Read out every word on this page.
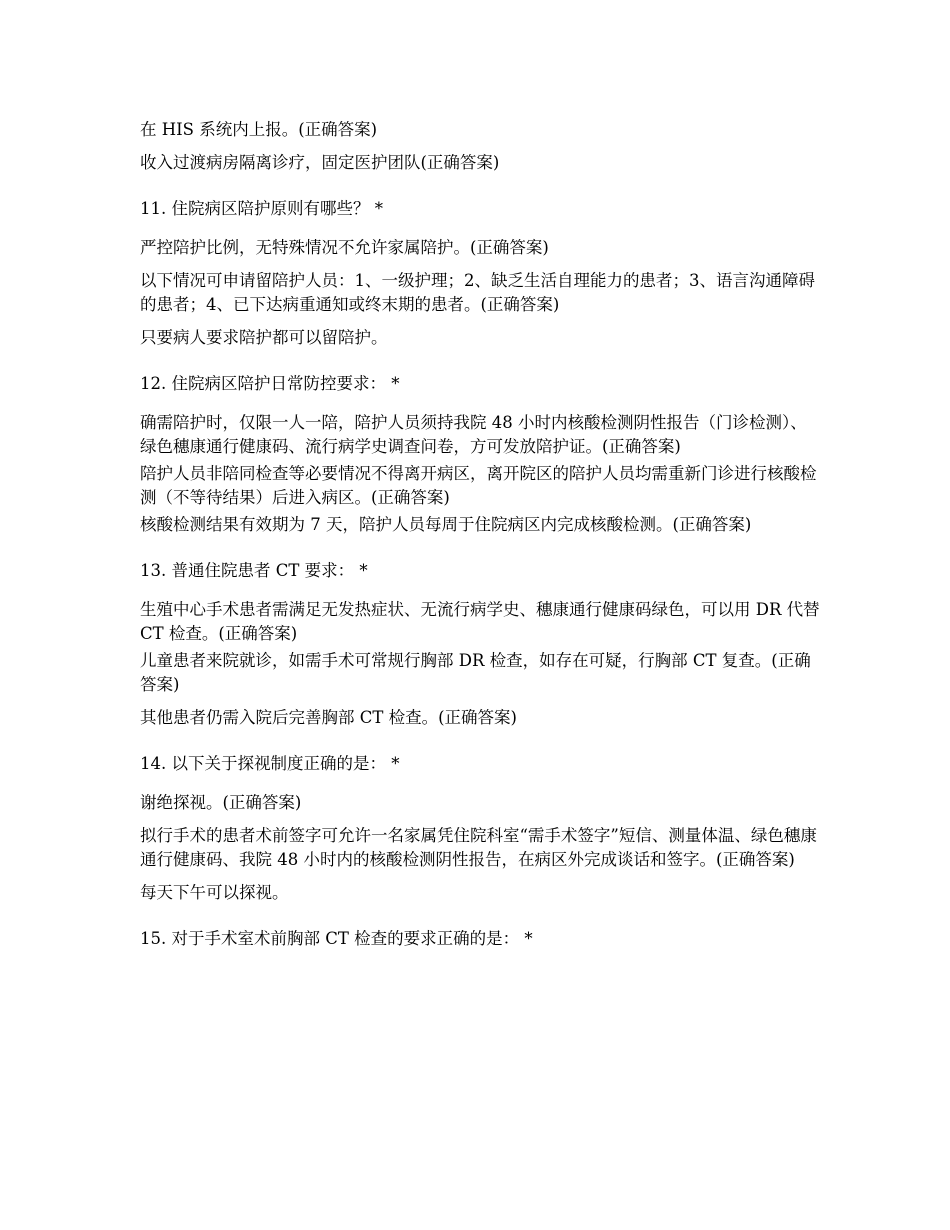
在 HIS 系统内上报。(正确答案)

收入过渡病房隔离诊疗，固定医护团队(正确答案)

11. 住院病区陪护原则有哪些？ *

严控陪护比例，无特殊情况不允许家属陪护。(正确答案)

以下情况可申请留陪护人员：1、一级护理；2、缺乏生活自理能力的患者；3、语言沟通障碍的患者；4、已下达病重通知或终末期的患者。(正确答案)

只要病人要求陪护都可以留陪护。

12. 住院病区陪护日常防控要求： *

确需陪护时，仅限一人一陪，陪护人员须持我院 48 小时内核酸检测阴性报告（门诊检测）、绿色穗康通行健康码、流行病学史调查问卷，方可发放陪护证。(正确答案)

陪护人员非陪同检查等必要情况不得离开病区，离开院区的陪护人员均需重新门诊进行核酸检测（不等待结果）后进入病区。(正确答案)

核酸检测结果有效期为 7 天，陪护人员每周于住院病区内完成核酸检测。(正确答案)

13. 普通住院患者 CT 要求： *

生殖中心手术患者需满足无发热症状、无流行病学史、穗康通行健康码绿色，可以用 DR 代替 CT 检查。(正确答案)

儿童患者来院就诊，如需手术可常规行胸部 DR 检查，如存在可疑，行胸部 CT 复查。(正确答案)

其他患者仍需入院后完善胸部 CT 检查。(正确答案)

14. 以下关于探视制度正确的是： *

谢绝探视。(正确答案)

拟行手术的患者术前签字可允许一名家属凭住院科室“需手术签字”短信、测量体温、绿色穗康通行健康码、我院 48 小时内的核酸检测阴性报告，在病区外完成谈话和签字。(正确答案)

每天下午可以探视。

15. 对于手术室术前胸部 CT 检查的要求正确的是： *
